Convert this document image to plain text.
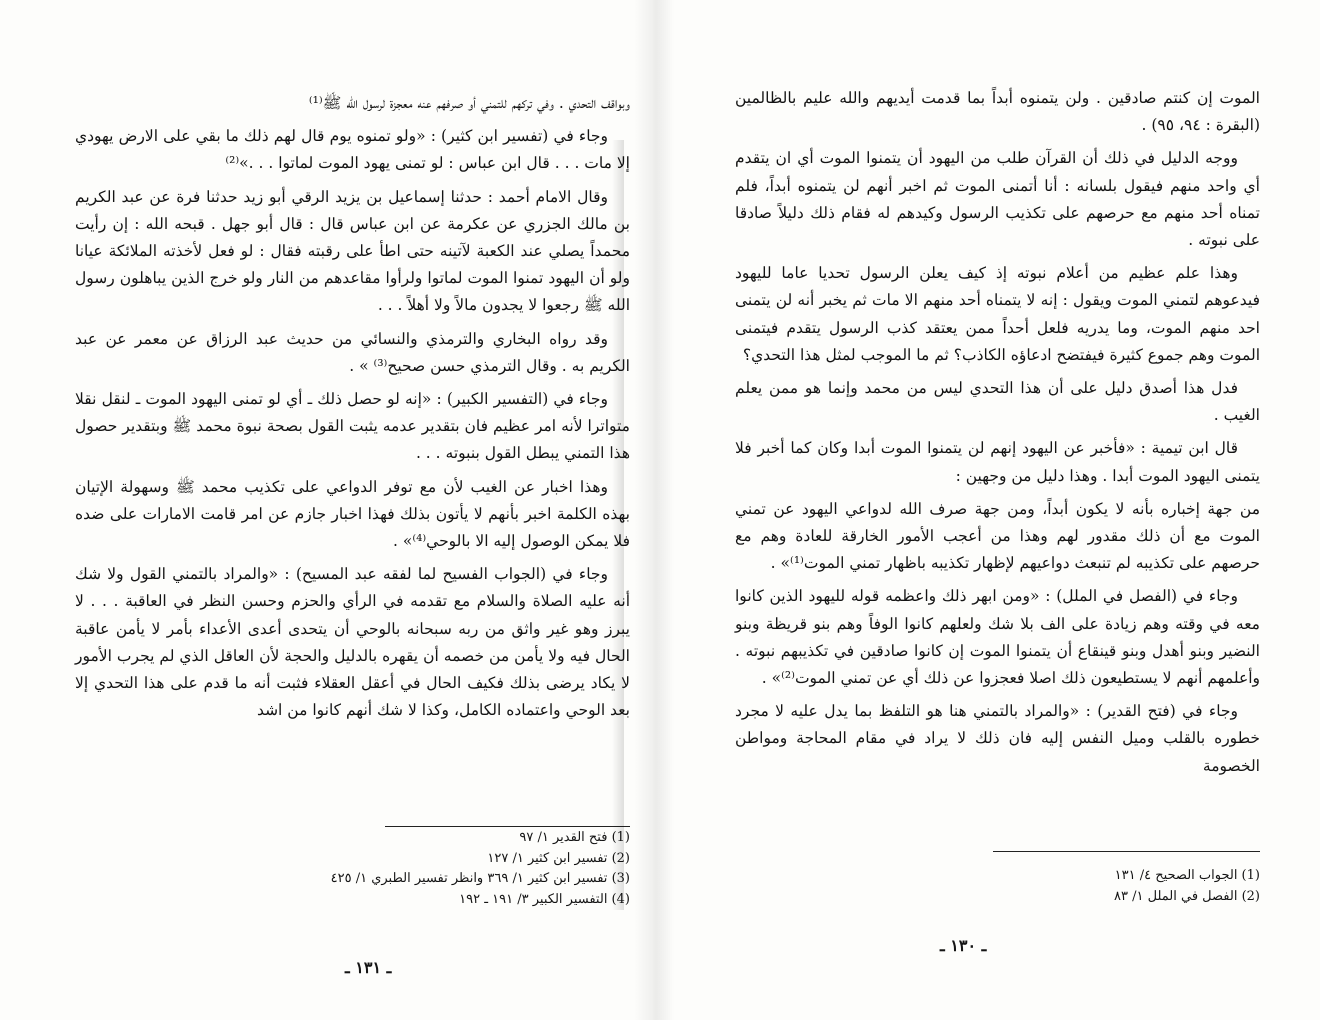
وبواقف التحدي . وفي تركهم للتمني أو صرفهم عنه معجزة لرسول الله ﷺ⁽¹⁾

وجاء في (تفسير ابن كثير) : «ولو تمنوه يوم قال لهم ذلك ما بقي على الارض يهودي إلا مات . . . قال ابن عباس : لو تمنى يهود الموت لماتوا . . .»⁽²⁾

وقال الامام أحمد : حدثنا إسماعيل بن يزيد الرقي أبو زيد حدثنا فرة عن عبد الكريم بن مالك الجزري عن عكرمة عن ابن عباس قال : قال أبو جهل . قبحه الله : إن رأيت محمداً يصلي عند الكعبة لآتينه حتى اطأ على رقبته فقال : لو فعل لأخذته الملائكة عيانا ولو أن اليهود تمنوا الموت لماتوا ولرأوا مقاعدهم من النار ولو خرج الذين يباهلون رسول الله ﷺ رجعوا لا يجدون مالاً ولا أهلاً . . .

وقد رواه البخاري والترمذي والنسائي من حديث عبد الرزاق عن معمر عن عبد الكريم به . وقال الترمذي حسن صحيح⁽³⁾ » .

وجاء في (التفسير الكبير) : «إنه لو حصل ذلك ـ أي لو تمنى اليهود الموت ـ لنقل نقلا متواترا لأنه امر عظيم فان بتقدير عدمه يثبت القول بصحة نبوة محمد ﷺ وبتقدير حصول هذا التمني يبطل القول بنبوته . . .

وهذا اخبار عن الغيب لأن مع توفر الدواعي على تكذيب محمد ﷺ وسهولة الإتيان بهذه الكلمة اخبر بأنهم لا يأتون بذلك فهذا اخبار جازم عن امر قامت الامارات على ضده فلا يمكن الوصول إليه الا بالوحي⁽⁴⁾» .

وجاء في (الجواب الفسيح لما لفقه عبد المسيح) : «والمراد بالتمني القول ولا شك أنه عليه الصلاة والسلام مع تقدمه في الرأي والحزم وحسن النظر في العاقبة . . . لا يبرز وهو غير واثق من ربه سبحانه بالوحي أن يتحدى أعدى الأعداء بأمر لا يأمن عاقبة الحال فيه ولا يأمن من خصمه أن يقهره بالدليل والحجة لأن العاقل الذي لم يجرب الأمور لا يكاد يرضى بذلك فكيف الحال في أعقل العقلاء فثبت أنه ما قدم على هذا التحدي إلا بعد الوحي واعتماده الكامل، وكذا لا شك أنهم كانوا من اشد

(1) فتح القدير ١/ ٩٧
(2) تفسير ابن كثير ١/ ١٢٧
(3) تفسير ابن كثير ١/ ٣٦٩ وانظر تفسير الطبري ١/ ٤٢٥
(4) التفسير الكبير ٣/ ١٩١ ـ ١٩٢
ـ ١٣١ ـ

الموت إن كنتم صادقين . ولن يتمنوه أبداً بما قدمت أيديهم والله عليم بالظالمين (البقرة : ٩٤، ٩٥) .

ووجه الدليل في ذلك أن القرآن طلب من اليهود أن يتمنوا الموت أي ان يتقدم أي واحد منهم فيقول بلسانه : أنا أتمنى الموت ثم اخبر أنهم لن يتمنوه أبداً، فلم تمناه أحد منهم مع حرصهم على تكذيب الرسول وكيدهم له فقام ذلك دليلاً صادقا على نبوته .

وهذا علم عظيم من أعلام نبوته إذ كيف يعلن الرسول تحديا عاما لليهود فيدعوهم لتمني الموت ويقول : إنه لا يتمناه أحد منهم الا مات ثم يخبر أنه لن يتمنى احد منهم الموت، وما يدريه فلعل أحداً ممن يعتقد كذب الرسول يتقدم فيتمنى الموت وهم جموع كثيرة فيفتضح ادعاؤه الكاذب؟ ثم ما الموجب لمثل هذا التحدي؟

فدل هذا أصدق دليل على أن هذا التحدي ليس من محمد وإنما هو ممن يعلم الغيب .

قال ابن تيمية : «فأخبر عن اليهود إنهم لن يتمنوا الموت أبدا وكان كما أخبر فلا يتمنى اليهود الموت أبدا . وهذا دليل من وجهين :

من جهة إخباره بأنه لا يكون أبداً، ومن جهة صرف الله لدواعي اليهود عن تمني الموت مع أن ذلك مقدور لهم وهذا من أعجب الأمور الخارقة للعادة وهم مع حرصهم على تكذيبه لم تنبعث دواعيهم لإظهار تكذيبه باظهار تمني الموت⁽¹⁾» .

وجاء في (الفصل في الملل) : «ومن ابهر ذلك واعظمه قوله لليهود الذين كانوا معه في وقته وهم زيادة على الف بلا شك ولعلهم كانوا الوفاً وهم بنو قريظة وبنو النضير وبنو أهدل وبنو قينقاع أن يتمنوا الموت إن كانوا صادقين في تكذيبهم نبوته . وأعلمهم أنهم لا يستطيعون ذلك اصلا فعجزوا عن ذلك أي عن تمني الموت⁽²⁾» .

وجاء في (فتح القدير) : «والمراد بالتمني هنا هو التلفظ بما يدل عليه لا مجرد خطوره بالقلب وميل النفس إليه فان ذلك لا يراد في مقام المحاجة ومواطن الخصومة

(1) الجواب الصحيح ٤/ ١٣١
(2) الفصل في الملل ١/ ٨٣
ـ ١٣٠ ـ
